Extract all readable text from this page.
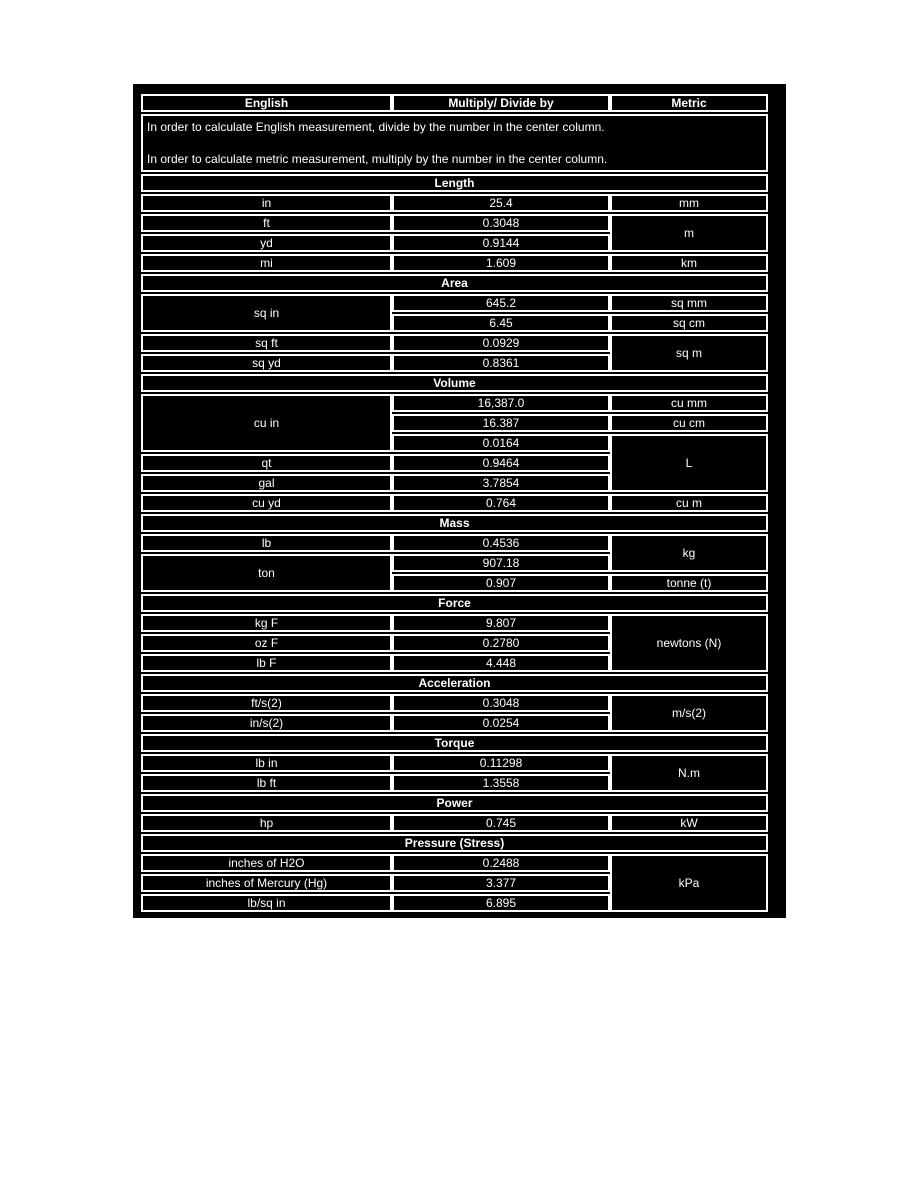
English	Multiply/ Divide by	Metric

In order to calculate English measurement, divide by the number in the center column.
In order to calculate metric measurement, multiply by the number in the center column.		

Length		
in	25.4	mm
ft	0.3048	m
yd	0.9144	
mi	1.609	km
Area		
sq in	645.2	sq mm
	6.45	sq cm
sq ft	0.0929	sq m
sq yd	0.8361	
Volume		
cu in	16,387.0	cu mm
	16.387	cu cm
	0.0164	L
qt	0.9464	
gal	3.7854	
cu yd	0.764	cu m
Mass		
lb	0.4536	kg
ton	907.18	
	0.907	tonne (t)
Force		
kg F	9.807	newtons (N)
oz F	0.2780	
lb F	4.448	
Acceleration		
ft/s(2)	0.3048	m/s(2)
in/s(2)	0.0254	
Torque		
lb in	0.11298	N.m
lb ft	1.3558	
Power		
hp	0.745	kW
Pressure (Stress)		
inches of H2O	0.2488	kPa
inches of Mercury (Hg)	3.377	
lb/sq in	6.895	
